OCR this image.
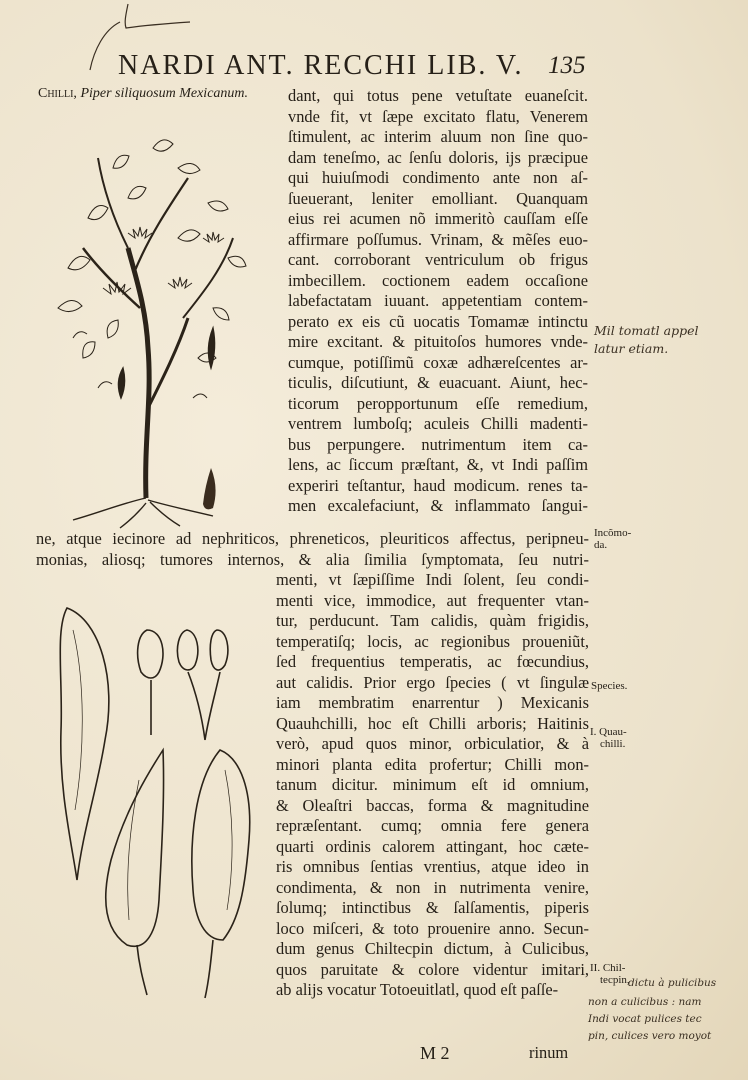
NARDI ANT. RECCHI LIB. V. 135
Chilli, Piper siliquosum Mexicanum. dant, qui totus pene vetuſtate euaneſcit.
vnde fit, vt ſæpe excitato flatu, Venerem
ſtimulent, ac interim aluum non ſine quo-
dam teneſmo, ac ſenſu doloris, ijs præcipue
qui huiuſmodi condimento ante non aſ-
ſueuerant, leniter emolliant. Quanquam
eius rei acumen nõ immeritò cauſſam eſſe
affirmare poſſumus. Vrinam, & mẽſes euo-
cant. corroborant ventriculum ob frigus
imbecillem. coctionem eadem occaſione
labefactatam iuuant. appetentiam contem-
perato ex eis cũ uocatis Tomamæ intinctu
mire excitant. & pituitoſos humores vnde-
cumque, potiſſimũ coxæ adhæreſcentes ar-
ticulis, diſcutiunt, & euacuant. Aiunt, hec-
ticorum peropportunum eſſe remedium,
ventrem lumboſq; aculeis Chilli madenti-
bus perpungere. nutrimentum item ca-
lens, ac ſiccum præſtant, &, vt Indi paſſim
experiri teſtantur, haud modicum. renes ta-
men excalefaciunt, & inflammato ſangui-
ne, atque iecinore ad nephriticos, phreneticos, pleuriticos affectus, peripneu-
monias, aliosq; tumores internos, & alia ſimilia ſymptomata, ſeu nutri-
menti, vt ſæpiſſime Indi ſolent, ſeu condi-
menti vice, immodice, aut frequenter vtan-
tur, perducunt. Tam calidis, quàm frigidis,
temperatiſq; locis, ac regionibus proueniũt,
ſed frequentius temperatis, ac fœcundius,
aut calidis. Prior ergo ſpecies ( vt ſingulæ
iam membratim enarrentur ) Mexicanis
Quauhchilli, hoc eſt Chilli arboris; Haitinis
verò, apud quos minor, orbiculatior, & à
minori planta edita profertur; Chilli mon-
tanum dicitur. minimum eſt id omnium,
& Oleaſtri baccas, forma & magnitudine
repræſentant. cumq; omnia fere genera
quarti ordinis calorem attingant, hoc cæte-
ris omnibus ſentias vrentius, atque ideo in
condimenta, & non in nutrimenta venire,
ſolumq; intinctibus & ſalſamentis, piperis
loco miſceri, & toto prouenire anno. Secun-
dum genus Chiltecpin dictum, à Culicibus,
quos paruitate & colore videntur imitari,
ab alijs vocatur Totoeuitlatl, quod eſt paſſe-
Incõmo-
da.
Species.
I. Quau-
chilli.
II. Chil-
tecpin,
Mil tomatl appel
latur etiam.
dictu à pulicibus
non a culicibus : nam
Indi vocat pulices tec
pin, culices vero moyot
M 2	rinum
